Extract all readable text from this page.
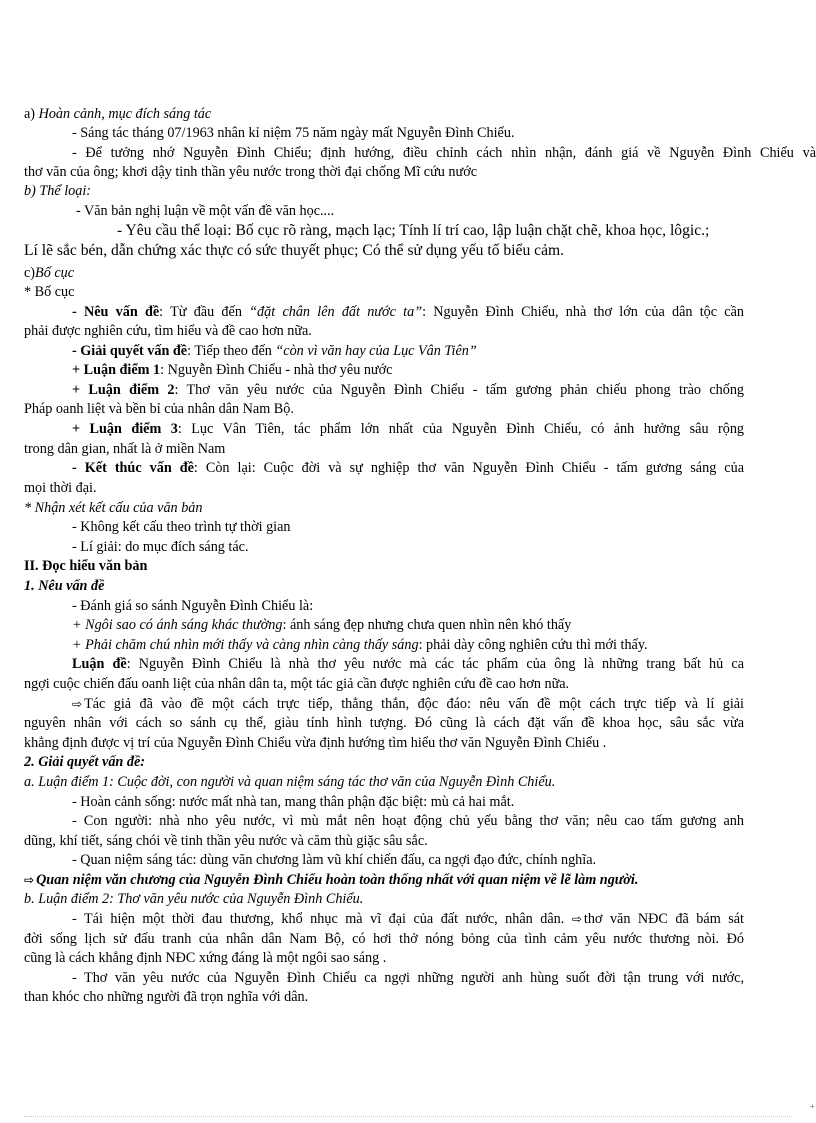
a) Hoàn cảnh, mục đích sáng tác
- Sáng tác tháng 07/1963 nhân kỉ niệm 75 năm ngày mất Nguyễn Đình Chiểu.
- Để tưởng nhớ Nguyễn Đình Chiểu; định hướng, điều chỉnh cách nhìn nhận, đánh giá về Nguyễn Đình Chiểu và
thơ văn của ông; khơi dậy tinh thần yêu nước trong thời đại chống Mĩ cứu nước
b) Thể loại:
- Văn bản nghị luận về một vấn đề văn học....
- Yêu cầu thể loại: Bố cục rõ ràng, mạch lạc; Tính lí trí cao, lập luận chặt chẽ, khoa học, lôgic.;
Lí lẽ sắc bén, dẫn chứng xác thực có sức thuyết phục; Có thể sử dụng yếu tố biểu cảm.
c)Bố cục
* Bố cục
- Nêu vấn đề: Từ đầu đến “đặt chân lên đất nước ta”: Nguyễn Đình Chiểu, nhà thơ lớn của dân tộc cần
phải được nghiên cứu, tìm hiểu và đề cao hơn nữa.
- Giải quyết vấn đề: Tiếp theo đến “còn vì văn hay của Lục Vân Tiên”
+ Luận điểm 1: Nguyễn Đình Chiểu - nhà thơ yêu nước
+ Luận điểm 2: Thơ văn yêu nước của Nguyễn Đình Chiểu - tấm gương phản chiếu phong trào chống
Pháp oanh liệt và bền bỉ của nhân dân Nam Bộ.
+ Luận điểm 3: Lục Vân Tiên, tác phẩm lớn nhất của Nguyễn Đình Chiểu, có ảnh hưởng sâu rộng
trong dân gian, nhất là ở miền Nam
- Kết thúc vấn đề: Còn lại: Cuộc đời và sự nghiệp thơ văn Nguyễn Đình Chiểu - tấm gương sáng của
mọi thời đại.
* Nhận xét kết cấu của văn bản
- Không kết cấu theo trình tự thời gian
- Lí giải: do mục đích sáng tác.
II. Đọc hiểu văn bản
1. Nêu vấn đề
- Đánh giá so sánh Nguyễn Đình Chiểu là:
+ Ngôi sao có ánh sáng khác thường: ánh sáng đẹp nhưng chưa quen nhìn nên khó thấy
+ Phải chăm chú nhìn mới thấy và càng nhìn càng thấy sáng: phải dày công nghiên cứu thì mới thấy.
Luận đề: Nguyễn Đình Chiểu là nhà thơ yêu nước mà các tác phẩm của ông là những trang bất hủ ca
ngợi cuộc chiến đấu oanh liệt của nhân dân ta, một tác giả cần được nghiên cứu đề cao hơn nữa.
⇨ Tác giả đã vào đề một cách trực tiếp, thẳng thắn, độc đáo: nêu vấn đề một cách trực tiếp và lí giải
nguyên nhân với cách so sánh cụ thể, giàu tính hình tượng. Đó cũng là cách đặt vấn đề khoa học, sâu sắc vừa
khẳng định được vị trí của Nguyễn Đình Chiểu vừa định hướng tìm hiểu thơ văn Nguyễn Đình Chiểu .
2. Giải quyết vấn đề:
a. Luận điểm 1: Cuộc đời, con người và quan niệm sáng tác thơ văn của Nguyễn Đình Chiểu.
- Hoàn cảnh sống: nước mất nhà tan, mang thân phận đặc biệt: mù cả hai mắt.
- Con người: nhà nho yêu nước, vì mù mắt nên hoạt động chủ yếu bằng thơ văn; nêu cao tấm gương anh
dũng, khí tiết, sáng chói về tinh thần yêu nước và căm thù giặc sâu sắc.
- Quan niệm sáng tác: dùng văn chương làm vũ khí chiến đấu, ca ngợi đạo đức, chính nghĩa.
⇨ Quan niệm văn chương của Nguyễn Đình Chiểu hoàn toàn thống nhất với quan niệm về lẽ làm người.
b. Luận điểm 2: Thơ văn yêu nước của Nguyễn Đình Chiểu.
- Tái hiện một thời đau thương, khổ nhục mà vĩ đại của đất nước, nhân dân. ⇨ thơ văn NĐC đã bám sát
đời sống lịch sử đấu tranh của nhân dân Nam Bộ, có hơi thở nóng bỏng của tình cảm yêu nước thương nòi. Đó
cũng là cách khẳng định NĐC xứng đáng là một ngôi sao sáng .
- Thơ văn yêu nước của Nguyễn Đình Chiểu ca ngợi những người anh hùng suốt đời tận trung với nước,
than khóc cho những người đã trọn nghĩa với dân.
+
